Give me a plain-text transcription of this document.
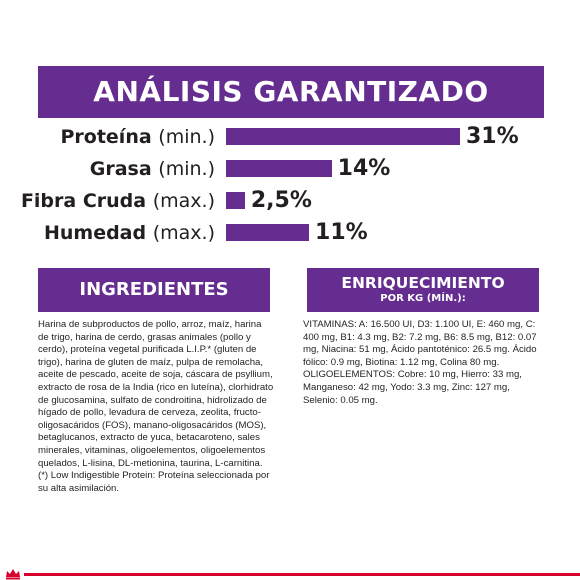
ANÁLISIS GARANTIZADO
Proteína (min.)	31%
Grasa (min.)	14%
Fibra Cruda (max.) 2,5%
Humedad (max.)	11%
INGREDIENTES	ENRIQUECIMIENTO
POR KG (MÍN.):

Harina de subproductos de pollo, arroz, maíz, harina de trigo, harina de cerdo, grasas animales (pollo y cerdo), proteína vegetal purificada L.I.P.* (gluten de trigo), harina de gluten de maíz, pulpa de remolacha, aceite de pescado, aceite de soja, cáscara de psyllium, extracto de rosa de la India (rico en luteína), clorhidrato de glucosamina, sulfato de condroitina, hidrolizado de hígado de pollo, levadura de cerveza, zeolita, fructo-oligosacáridos (FOS), manano-oligosacáridos (MOS), betaglucanos, extracto de yuca, betacaroteno, sales minerales, vitaminas, oligoelementos, oligoelementos quelados, L-lisina, DL-metionina, taurina, L-carnitina.

(*) Low Indigestible Protein: Proteína seleccionada por su alta asimilación.

VITAMINAS: A: 16.500 UI, D3: 1.100 UI, E: 460 mg, C: 400 mg, B1: 4.3 mg, B2: 7.2 mg, B6: 8.5 mg, B12: 0.07 mg, Niacina: 51 mg, Ácido pantoténico: 26.5 mg. Ácido fólico: 0.9 mg, Biotina: 1.12 mg, Colina 80 mg.

OLIGOELEMENTOS: Cobre: 10 mg, Hierro: 33 mg, Manganeso: 42 mg, Yodo: 3.3 mg, Zinc: 127 mg, Selenio: 0.05 mg.
